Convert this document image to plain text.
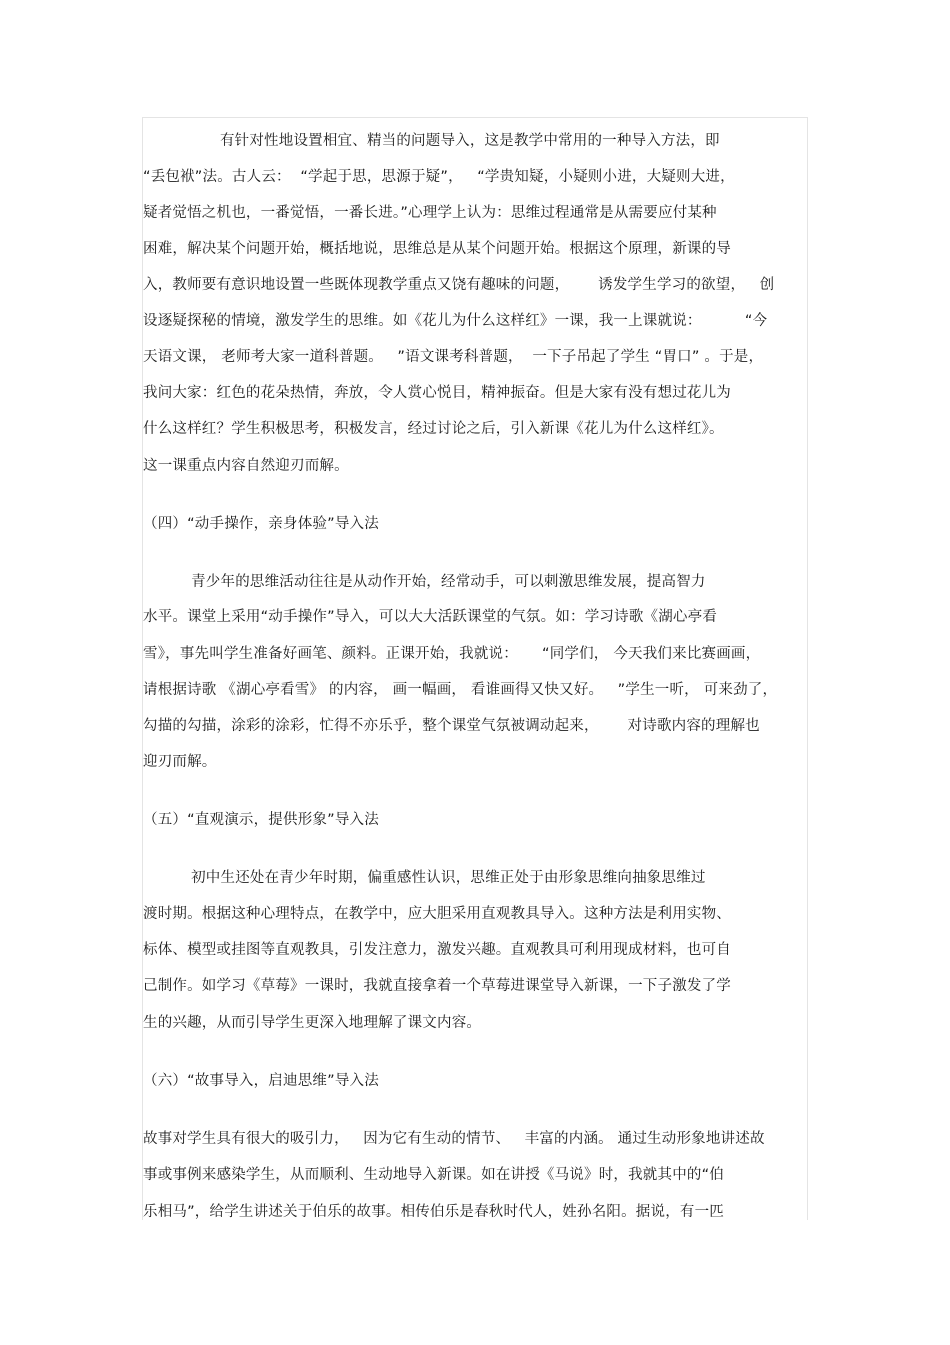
有针对性地设置相宜、精当的问题导入，这是教学中常用的一种导入方法，即

“丢包袱”法。古人云：  “学起于思，思源于疑”，   “学贵知疑，小疑则小进，大疑则大进，

疑者觉悟之机也，一番觉悟，一番长进。”心理学上认为：思维过程通常是从需要应付某种

困难，解决某个问题开始，概括地说，思维总是从某个问题开始。根据这个原理，新课的导

入，教师要有意识地设置一些既体现教学重点又饶有趣味的问题，      诱发学生学习的欲望，   创

设逐疑探秘的情境，激发学生的思维。如《花儿为什么这样红》一课，我一上课就说：         “今

天语文课， 老师考大家一道科普题。   ”语文课考科普题，  一下子吊起了学生 “胃口” 。于是，

我问大家：红色的花朵热情，奔放，令人赏心悦目，精神振奋。但是大家有没有想过花儿为

什么这样红？学生积极思考，积极发言，经过讨论之后，引入新课《花儿为什么这样红》。

这一课重点内容自然迎刃而解。

（四）“动手操作，亲身体验”导入法

青少年的思维活动往往是从动作开始，经常动手，可以刺激思维发展，提高智力

水平。课堂上采用“动手操作”导入，可以大大活跃课堂的气氛。如：学习诗歌《湖心亭看

雪》，事先叫学生准备好画笔、颜料。正课开始，我就说：     “同学们， 今天我们来比赛画画，

请根据诗歌 《湖心亭看雪》 的内容， 画一幅画， 看谁画得又快又好。   ”学生一听， 可来劲了，

勾描的勾描，涂彩的涂彩，忙得不亦乐乎，整个课堂气氛被调动起来，      对诗歌内容的理解也

迎刃而解。

（五）“直观演示，提供形象”导入法

初中生还处在青少年时期，偏重感性认识，思维正处于由形象思维向抽象思维过

渡时期。根据这种心理特点，在教学中，应大胆采用直观教具导入。这种方法是利用实物、

标体、模型或挂图等直观教具，引发注意力，激发兴趣。直观教具可利用现成材料，也可自

己制作。如学习《草莓》一课时，我就直接拿着一个草莓进课堂导入新课，一下子激发了学

生的兴趣，从而引导学生更深入地理解了课文内容。

（六）“故事导入，启迪思维”导入法

故事对学生具有很大的吸引力，   因为它有生动的情节、   丰富的内涵。 通过生动形象地讲述故

事或事例来感染学生，从而顺利、生动地导入新课。如在讲授《马说》时，我就其中的“伯

乐相马”，给学生讲述关于伯乐的故事。相传伯乐是春秋时代人，姓孙名阳。据说，有一匹
